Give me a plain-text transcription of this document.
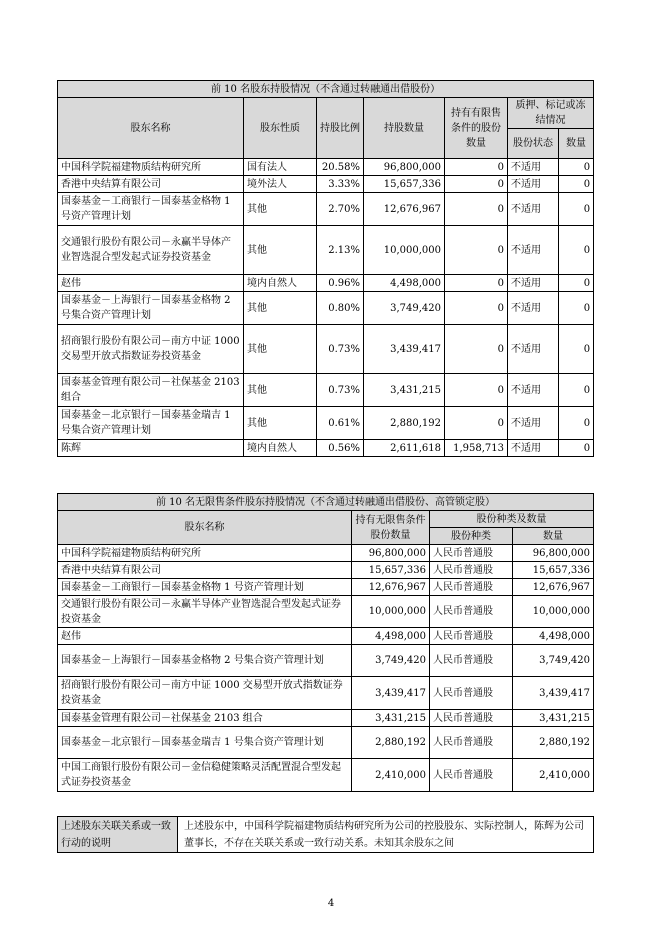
前 10 名股东持股情况（不含通过转融通出借股份）						
股东名称	股东性质	持股比例	持股数量	持有有限售条件的股份数量	质押、标记或冻结情况	
					股份状态	数量
中国科学院福建物质结构研究所	国有法人	20.58%	96,800,000	0	不适用	0
香港中央结算有限公司	境外法人	3.33%	15,657,336	0	不适用	0
国泰基金－工商银行－国泰基金格物 1 号资产管理计划	其他	2.70%	12,676,967	0	不适用	0
交通银行股份有限公司－永赢半导体产业智选混合型发起式证券投资基金	其他	2.13%	10,000,000	0	不适用	0
赵伟	境内自然人	0.96%	4,498,000	0	不适用	0
国泰基金－上海银行－国泰基金格物 2 号集合资产管理计划	其他	0.80%	3,749,420	0	不适用	0
招商银行股份有限公司－南方中证 1000 交易型开放式指数证券投资基金	其他	0.73%	3,439,417	0	不适用	0
国泰基金管理有限公司－社保基金 2103 组合	其他	0.73%	3,431,215	0	不适用	0
国泰基金－北京银行－国泰基金瑞吉 1 号集合资产管理计划	其他	0.61%	2,880,192	0	不适用	0
陈辉	境内自然人	0.56%	2,611,618	1,958,713	不适用	0
前 10 名无限售条件股东持股情况（不含通过转融通出借股份、高管锁定股）			
股东名称	持有无限售条件股份数量	股份种类及数量	
		股份种类	数量
中国科学院福建物质结构研究所	96,800,000	人民币普通股	96,800,000
香港中央结算有限公司	15,657,336	人民币普通股	15,657,336
国泰基金－工商银行－国泰基金格物 1 号资产管理计划	12,676,967	人民币普通股	12,676,967
交通银行股份有限公司－永赢半导体产业智选混合型发起式证券投资基金	10,000,000	人民币普通股	10,000,000
赵伟	4,498,000	人民币普通股	4,498,000
国泰基金－上海银行－国泰基金格物 2 号集合资产管理计划	3,749,420	人民币普通股	3,749,420
招商银行股份有限公司－南方中证 1000 交易型开放式指数证券投资基金	3,439,417	人民币普通股	3,439,417
国泰基金管理有限公司－社保基金 2103 组合	3,431,215	人民币普通股	3,431,215
国泰基金－北京银行－国泰基金瑞吉 1 号集合资产管理计划	2,880,192	人民币普通股	2,880,192
中国工商银行股份有限公司－金信稳健策略灵活配置混合型发起式证券投资基金	2,410,000	人民币普通股	2,410,000
上述股东关联关系或一致行动的说明	上述股东中，中国科学院福建物质结构研究所为公司的控股股东、实际控制人，陈辉为公司董事长，不存在关联关系或一致行动关系。未知其余股东之间
4
